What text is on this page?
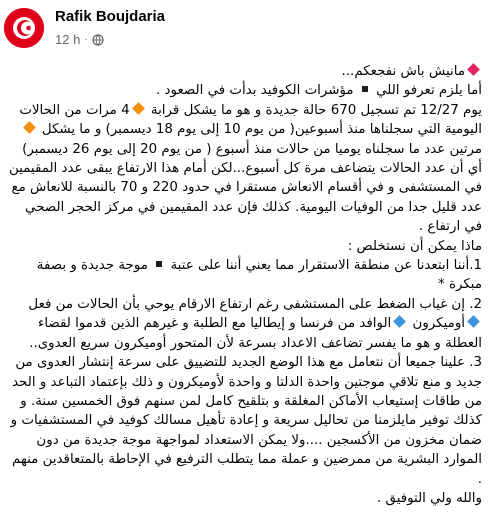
Rafik Boujdaria
12 h ·

مانيش باش نفجعكم...

أما يلزم تعرفو اللي  مؤشرات الكوفيد بدأت في الصعود .

يوم 12/27 تم تسجيل 670 حالة جديدة و هو ما يشكل قرابة 4 مرات من الحالات اليومية التي سجلناها منذ أسبوعين( من يوم 10 إلى يوم 18 ديسمبر) و ما يشكل مرتين عدد ما سجلناه يوميا من حالات منذ أسبوع ( من يوم 20 إلى يوم 26 ديسمبر) أي أن عدد الحالات يتضاعف مرة كل أسبوع...لكن أمام هذا الارتفاع يبقى عدد المقيمين في المستشفى و في أقسام الانعاش مستقرا في حدود 220 و 70 بالنسبة للانعاش مع عدد قليل جدا من الوفيات اليومية. كذلك فإن عدد المقيمين في مركز الحجر الصحي في ارتفاع .

ماذا يمكن أن نستخلص :

1.أننا ابتعدنا عن منطقة الاستقرار مما يعني أننا على عتبة  موجة جديدة و بصفة مبكرة *

2. إن غياب الضغط على المستشفى رغم ارتفاع الارقام يوحي بأن الحالات من فعل أوميكرون الوافد من فرنسا و إيطاليا مع الطلبة و غيرهم الذين قدموا لقضاء العطلة و هو ما يفسر تضاعف الاعداد بسرعة لأن المتحور أوميكرون سريع العدوى..

3. علينا جميعا أن نتعامل مع هذا الوضع الجديد للتضييق على سرعة إنتشار العدوى من جديد و منع تلاقي موجتين واحدة الدلتا و واحدة لأوميكرون و ذلك بإعتماد التباعد و الحد من طاقات إستيعاب الأماكن المغلقة و بتلقيح كامل لمن سنهم فوق الخمسين سنة. و كذلك توفير مايلزمنا من تحاليل سريعة و إعادة تأهيل مسالك كوفيد في المستشفيات و ضمان مخزون من الأكسجين ....ولا يمكن الاستعداد لمواجهة موجة جديدة من دون الموارد البشرية من ممرضين و عملة مما يتطلب الترفيع في الإحاطة بالمتعاقدين منهم .

والله ولي التوفيق .
